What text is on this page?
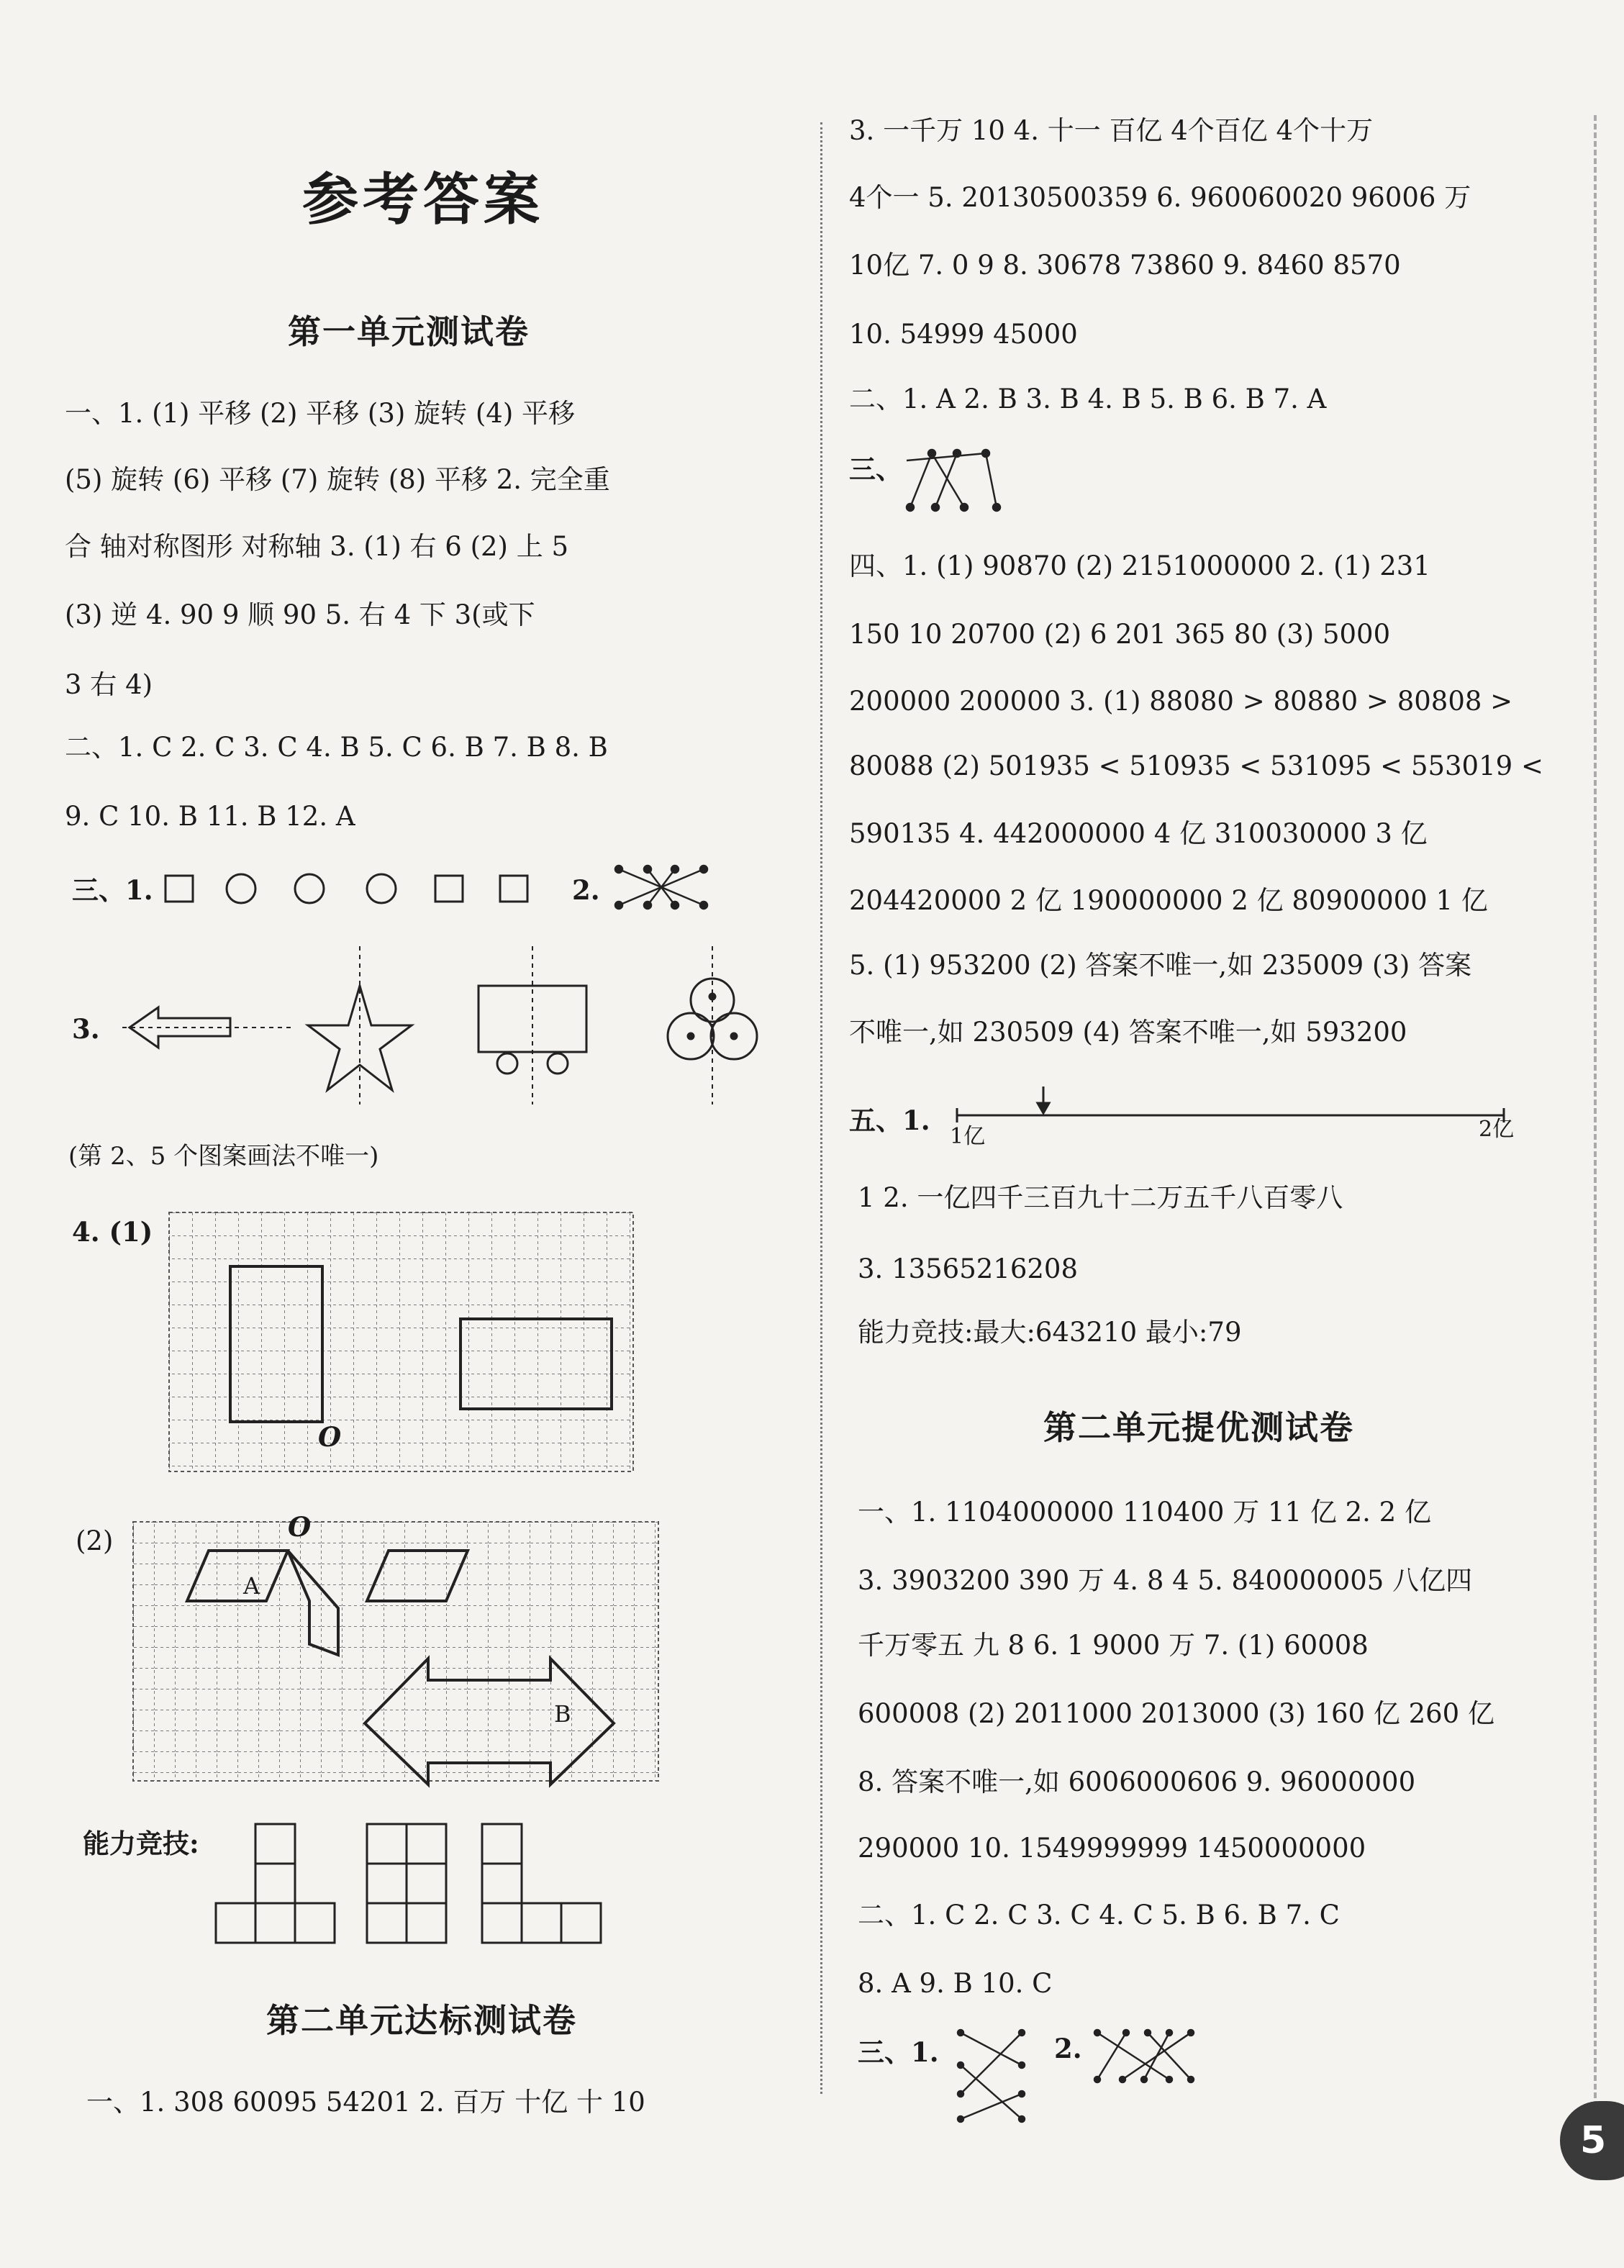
参考答案
第一单元测试卷
一、1. (1) 平移 (2) 平移 (3) 旋转 (4) 平移
(5) 旋转 (6) 平移 (7) 旋转 (8) 平移 2. 完全重
合 轴对称图形 对称轴 3. (1) 右 6 (2) 上 5
(3) 逆 4. 90 9 顺 90 5. 右 4 下 3(或下
3 右 4)
二、1. C 2. C 3. C 4. B 5. C 6. B 7. B 8. B
9. C 10. B 11. B 12. A
三、1.	2.
3.
(第 2、5 个图案画法不唯一)
4. (1)
O
(2)	O
A
B
能力竞技:
第二单元达标测试卷
一、1. 308 60095 54201 2. 百万 十亿 十 10
3. 一千万 10 4. 十一 百亿 4个百亿 4个十万
4个一 5. 20130500359 6. 960060020 96006 万
10亿 7. 0 9 8. 30678 73860 9. 8460 8570
10. 54999 45000
二、1. A 2. B 3. B 4. B 5. B 6. B 7. A
三、
四、1. (1) 90870 (2) 2151000000 2. (1) 231
150 10 20700 (2) 6 201 365 80 (3) 5000
200000 200000 3. (1) 88080 > 80880 > 80808 >
80088 (2) 501935 < 510935 < 531095 < 553019 <
590135 4. 442000000 4 亿 310030000 3 亿
204420000 2 亿 190000000 2 亿 80900000 1 亿
5. (1) 953200 (2) 答案不唯一,如 235009 (3) 答案
不唯一,如 230509 (4) 答案不唯一,如 593200
五、1.
1亿	2亿
1 2. 一亿四千三百九十二万五千八百零八
3. 13565216208
能力竞技:最大:643210 最小:79
第二单元提优测试卷
一、1. 1104000000 110400 万 11 亿 2. 2 亿
3. 3903200 390 万 4. 8 4 5. 840000005 八亿四
千万零五 九 8 6. 1 9000 万 7. (1) 60008
600008 (2) 2011000 2013000 (3) 160 亿 260 亿
8. 答案不唯一,如 6006000606 9. 96000000
290000 10. 1549999999 1450000000
二、1. C 2. C 3. C 4. C 5. B 6. B 7. C
8. A 9. B 10. C
三、1.	2.
5
